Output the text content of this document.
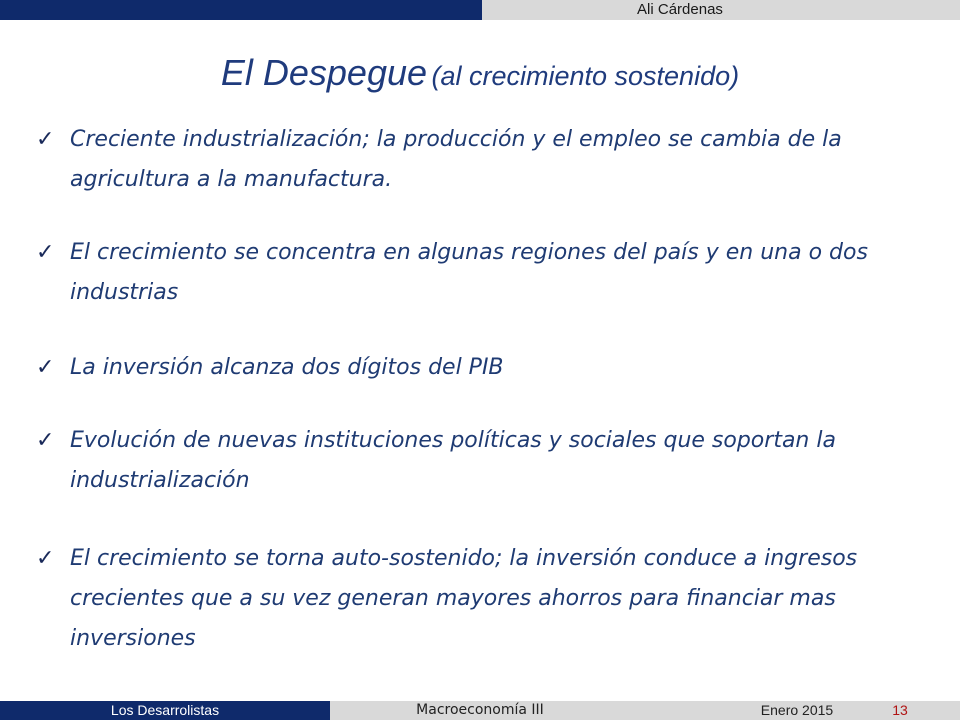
Ali Cárdenas
El Despegue (al crecimiento sostenido)
✓ Creciente industrialización; la producción y el empleo se cambia de la agricultura a la manufactura.
✓ El crecimiento se concentra en algunas regiones del país y en una o dos industrias
✓ La inversión alcanza dos dígitos del PIB
✓ Evolución de nuevas instituciones políticas y sociales que soportan la industrialización
✓ El crecimiento se torna auto-sostenido; la inversión conduce a ingresos crecientes que a su vez generan mayores ahorros para financiar mas inversiones
Los Desarrolistas	Macroeconomía III	Enero 2015	13
